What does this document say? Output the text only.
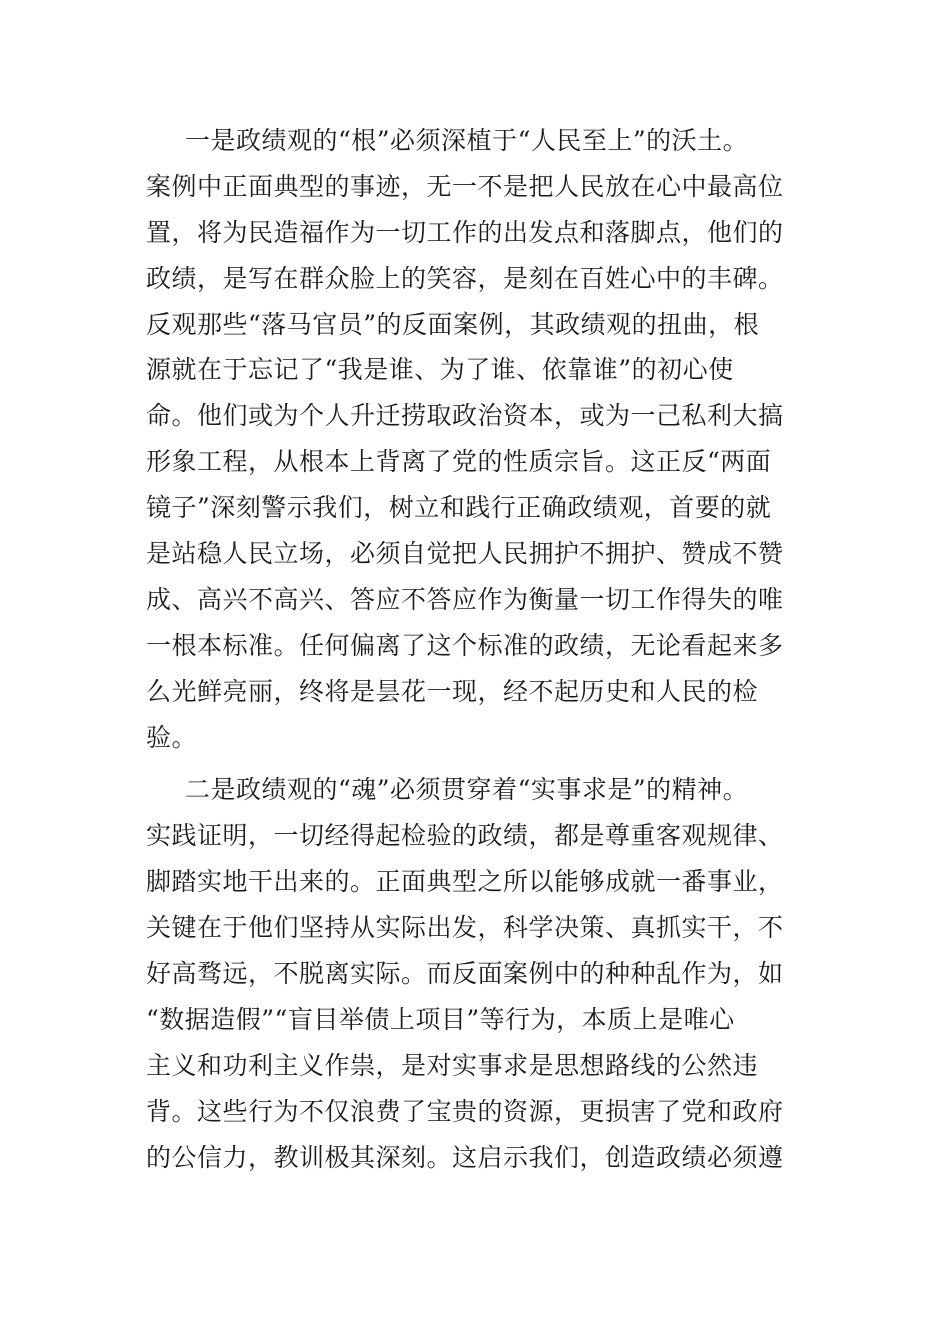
一是政绩观的“根”必须深植于“人民至上”的沃土。
案例中正面典型的事迹，无一不是把人民放在心中最高位
置，将为民造福作为一切工作的出发点和落脚点，他们的
政绩，是写在群众脸上的笑容，是刻在百姓心中的丰碑。
反观那些“落马官员”的反面案例，其政绩观的扭曲，根
源就在于忘记了“我是谁、为了谁、依靠谁”的初心使
命。他们或为个人升迁捞取政治资本，或为一己私利大搞
形象工程，从根本上背离了党的性质宗旨。这正反“两面
镜子”深刻警示我们，树立和践行正确政绩观，首要的就
是站稳人民立场，必须自觉把人民拥护不拥护、赞成不赞
成、高兴不高兴、答应不答应作为衡量一切工作得失的唯
一根本标准。任何偏离了这个标准的政绩，无论看起来多
么光鲜亮丽，终将是昙花一现，经不起历史和人民的检
验。
二是政绩观的“魂”必须贯穿着“实事求是”的精神。
实践证明，一切经得起检验的政绩，都是尊重客观规律、
脚踏实地干出来的。正面典型之所以能够成就一番事业，
关键在于他们坚持从实际出发，科学决策、真抓实干，不
好高骛远，不脱离实际。而反面案例中的种种乱作为，如
“数据造假”“盲目举债上项目”等行为，本质上是唯心
主义和功利主义作祟，是对实事求是思想路线的公然违
背。这些行为不仅浪费了宝贵的资源，更损害了党和政府
的公信力，教训极其深刻。这启示我们，创造政绩必须遵
